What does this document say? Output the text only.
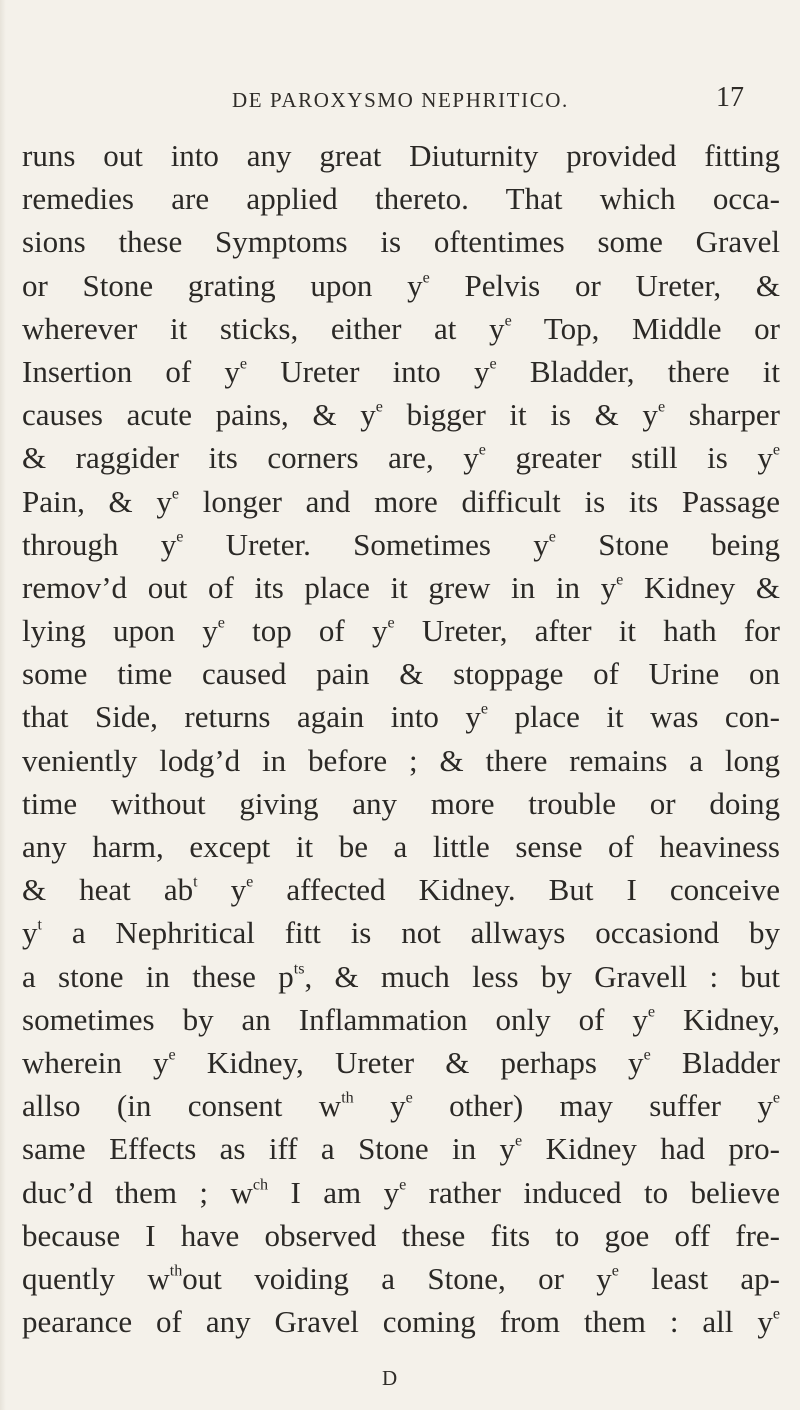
DE PAROXYSMO NEPHRITICO.	17
runs out into any great Diuturnity provided fitting
remedies are applied thereto. That which occa-
sions these Symptoms is oftentimes some Gravel
or Stone grating upon $y^e$ Pelvis or Ureter, &
wherever it sticks, either at $y^e$ Top, Middle or
Insertion of $y^e$ Ureter into $y^e$ Bladder, there it
causes acute pains, & $y^e$ bigger it is & $y^e$ sharper
& raggider its corners are, $y^e$ greater still is $y^e$
Pain, & $y^e$ longer and more difficult is its Passage
through $y^e$ Ureter. Sometimes $y^e$ Stone being
remov’d out of its place it grew in in $y^e$ Kidney &
lying upon $y^e$ top of $y^e$ Ureter, after it hath for
some time caused pain & stoppage of Urine on
that Side, returns again into $y^e$ place it was con-
veniently lodg’d in before ; & there remains a long
time without giving any more trouble or doing
any harm, except it be a little sense of heaviness
& heat $ab^t$ $y^e$ affected Kidney. But I conceive
$y^t$ a Nephritical fitt is not allways occasiond by
a stone in these $p^{ts}$, & much less by Gravell : but
sometimes by an Inflammation only of $y^e$ Kidney,
wherein $y^e$ Kidney, Ureter & perhaps $y^e$ Bladder
allso (in consent $w^{th}$ $y^e$ other) may suffer $y^e$
same Effects as iff a Stone in $y^e$ Kidney had pro-
duc’d them ; $w^{ch}$ I am $y^e$ rather induced to believe
because I have observed these fits to goe off fre-
quently $w^{th}out$ voiding a Stone, or $y^e$ least ap-
pearance of any Gravel coming from them : all $y^e$
D
